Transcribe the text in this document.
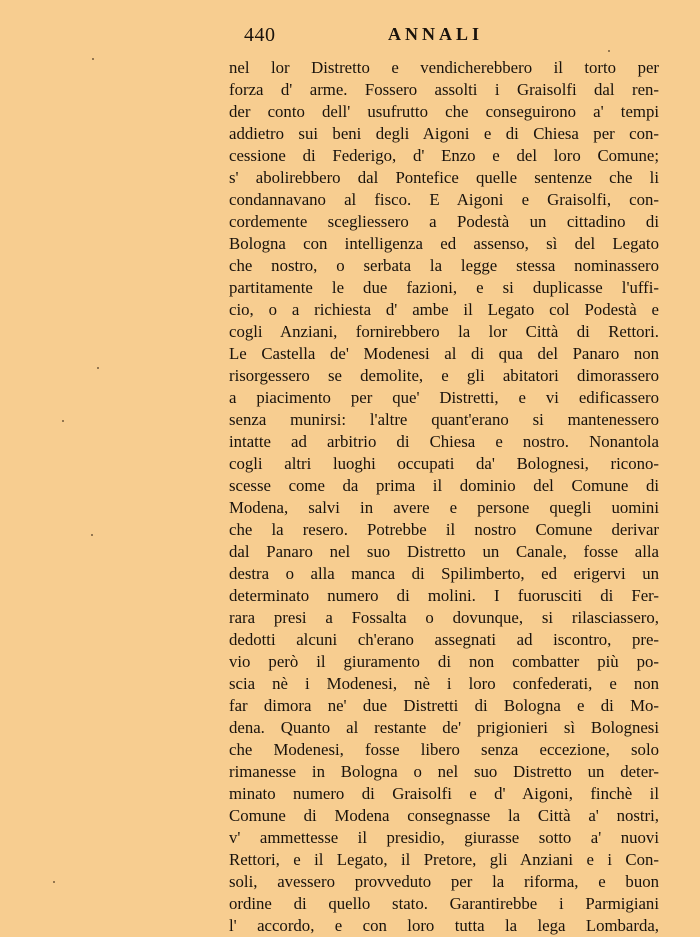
440	ANNALI
nel lor Distretto e vendicherebbero il torto per
forza d' arme. Fossero assolti i Graisolfi dal ren-
der conto dell' usufrutto che conseguirono a' tempi
addietro sui beni degli Aigoni e di Chiesa per con-
cessione di Federigo, d' Enzo e del loro Comune;
s' abolirebbero dal Pontefice quelle sentenze che li
condannavano al fisco. E Aigoni e Graisolfi, con-
cordemente scegliessero a Podestà un cittadino di
Bologna con intelligenza ed assenso, sì del Legato
che nostro, o serbata la legge stessa nominassero
partitamente le due fazioni, e si duplicasse l'uffi-
cio, o a richiesta d' ambe il Legato col Podestà e
cogli Anziani, fornirebbero la lor Città di Rettori.
Le Castella de' Modenesi al di qua del Panaro non
risorgessero se demolite, e gli abitatori dimorassero
a piacimento per que' Distretti, e vi edificassero
senza munirsi: l'altre quant'erano si mantenessero
intatte ad arbitrio di Chiesa e nostro. Nonantola
cogli altri luoghi occupati da' Bolognesi, ricono-
scesse come da prima il dominio del Comune di
Modena, salvi in avere e persone quegli uomini
che la resero. Potrebbe il nostro Comune derivar
dal Panaro nel suo Distretto un Canale, fosse alla
destra o alla manca di Spilimberto, ed erigervi un
determinato numero di molini. I fuorusciti di Fer-
rara presi a Fossalta o dovunque, si rilasciassero,
dedotti alcuni ch'erano assegnati ad iscontro, pre-
vio però il giuramento di non combatter più po-
scia nè i Modenesi, nè i loro confederati, e non
far dimora ne' due Distretti di Bologna e di Mo-
dena. Quanto al restante de' prigionieri sì Bolognesi
che Modenesi, fosse libero senza eccezione, solo
rimanesse in Bologna o nel suo Distretto un deter-
minato numero di Graisolfi e d' Aigoni, finchè il
Comune di Modena consegnasse la Città a' nostri,
v' ammettesse il presidio, giurasse sotto a' nuovi
Rettori, e il Legato, il Pretore, gli Anziani e i Con-
soli, avessero provveduto per la riforma, e buon
ordine di quello stato. Garantirebbe i Parmigiani
l' accordo, e con loro tutta la lega Lombarda,
